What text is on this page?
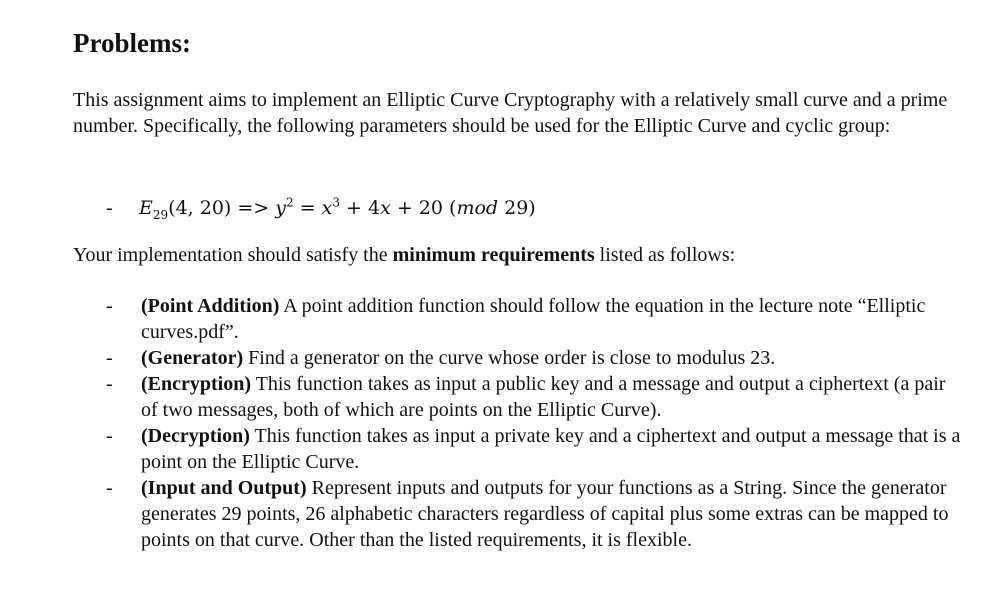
Problems:

This assignment aims to implement an Elliptic Curve Cryptography with a relatively small curve and a prime number. Specifically, the following parameters should be used for the Elliptic Curve and cyclic group:

- $E_{29}(4$, $20) => y^2 = x^3 + 4x + 20$ (mod 29)

Your implementation should satisfy the minimum requirements listed as follows:

-	(Point Addition) A point addition function should follow the equation in the lecture note “Elliptic curves.pdf”.
-	(Generator) Find a generator on the curve whose order is close to modulus 23.
-	(Encryption) This function takes as input a public key and a message and output a ciphertext (a pair of two messages, both of which are points on the Elliptic Curve).
-	(Decryption) This function takes as input a private key and a ciphertext and output a message that is a point on the Elliptic Curve.
-	(Input and Output) Represent inputs and outputs for your functions as a String. Since the generator generates 29 points, 26 alphabetic characters regardless of capital plus some extras can be mapped to points on that curve. Other than the listed requirements, it is flexible.
